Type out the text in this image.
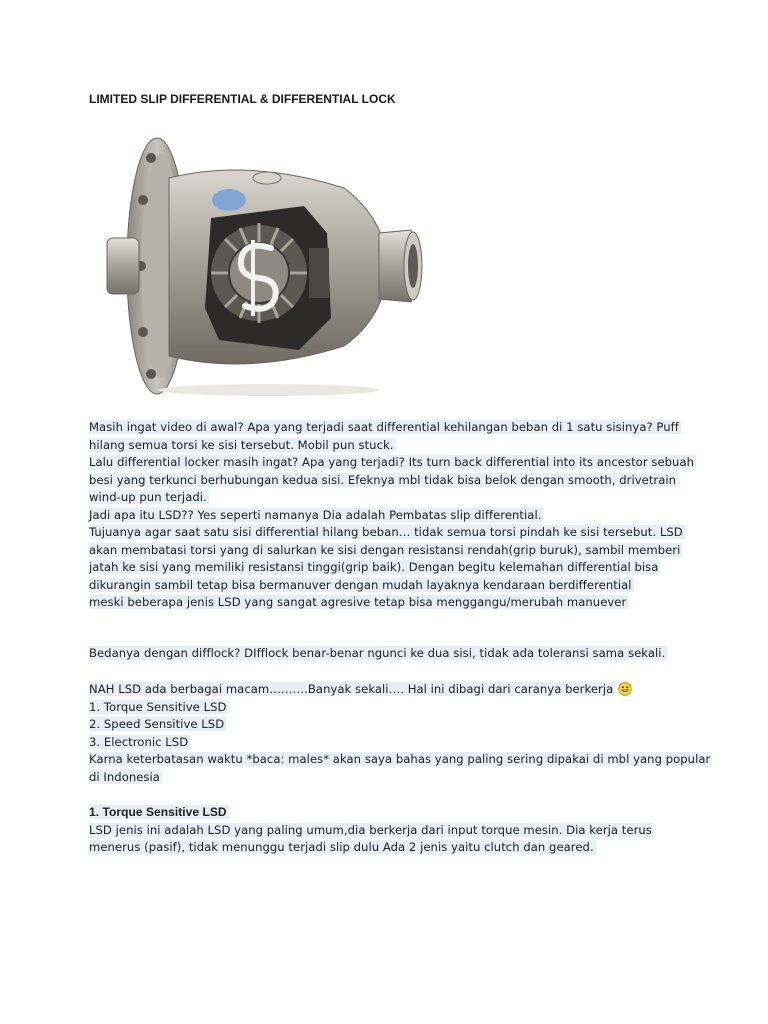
LIMITED SLIP DIFFERENTIAL & DIFFERENTIAL LOCK
Masih ingat video di awal? Apa yang terjadi saat differential kehilangan beban di 1 satu sisinya? Puff
hilang semua torsi ke sisi tersebut. Mobil pun stuck.
Lalu differential locker masih ingat? Apa yang terjadi? Its turn back differential into its ancestor sebuah
besi yang terkunci berhubungan kedua sisi. Efeknya mbl tidak bisa belok dengan smooth, drivetrain
wind-up pun terjadi.
Jadi apa itu LSD?? Yes seperti namanya Dia adalah Pembatas slip differential.
Tujuanya agar saat satu sisi differential hilang beban… tidak semua torsi pindah ke sisi tersebut. LSD
akan membatasi torsi yang di salurkan ke sisi dengan resistansi rendah(grip buruk), sambil memberi
jatah ke sisi yang memiliki resistansi tinggi(grip baik). Dengan begitu kelemahan differential bisa
dikurangin sambil tetap bisa bermanuver dengan mudah layaknya kendaraan berdifferential
meski beberapa jenis LSD yang sangat agresive tetap bisa menggangu/merubah manuever
Bedanya dengan difflock? DIfflock benar-benar ngunci ke dua sisi, tidak ada toleransi sama sekali.
NAH LSD ada berbagai macam……….Banyak sekali…. Hal ini dibagi dari caranya berkerja
1. Torque Sensitive LSD
2. Speed Sensitive LSD
3. Electronic LSD
Karna keterbatasan waktu *baca: males* akan saya bahas yang paling sering dipakai di mbl yang popular
di Indonesia
1. Torque Sensitive LSD
LSD jenis ini adalah LSD yang paling umum,dia berkerja dari input torque mesin. Dia kerja terus
menerus (pasif), tidak menunggu terjadi slip dulu Ada 2 jenis yaitu clutch dan geared.
